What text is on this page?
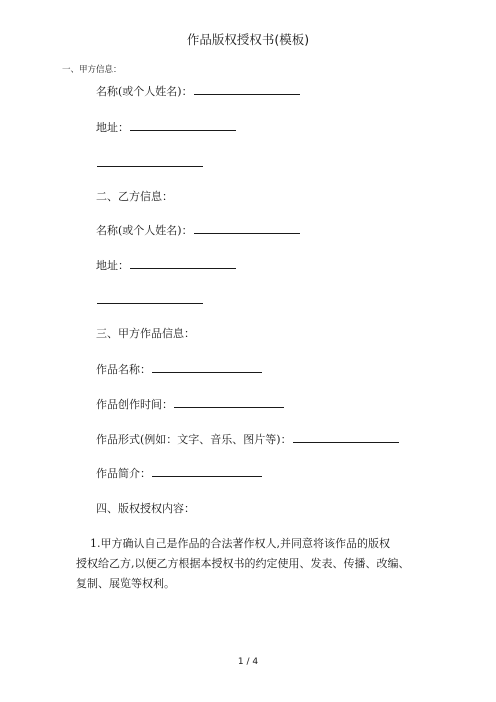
作品版权授权书(模板)
一、甲方信息：
名称(或个人姓名)：
地址：
二、乙方信息：
名称(或个人姓名)：
地址：
三、甲方作品信息：
作品名称：
作品创作时间：
作品形式(例如：文字、音乐、图片等)：
作品简介：
四、版权授权内容：

1.甲方确认自己是作品的合法著作权人,并同意将该作品的版权

授权给乙方,以便乙方根据本授权书的约定使用、发表、传播、改编、

复制、展览等权利。

1 / 4
